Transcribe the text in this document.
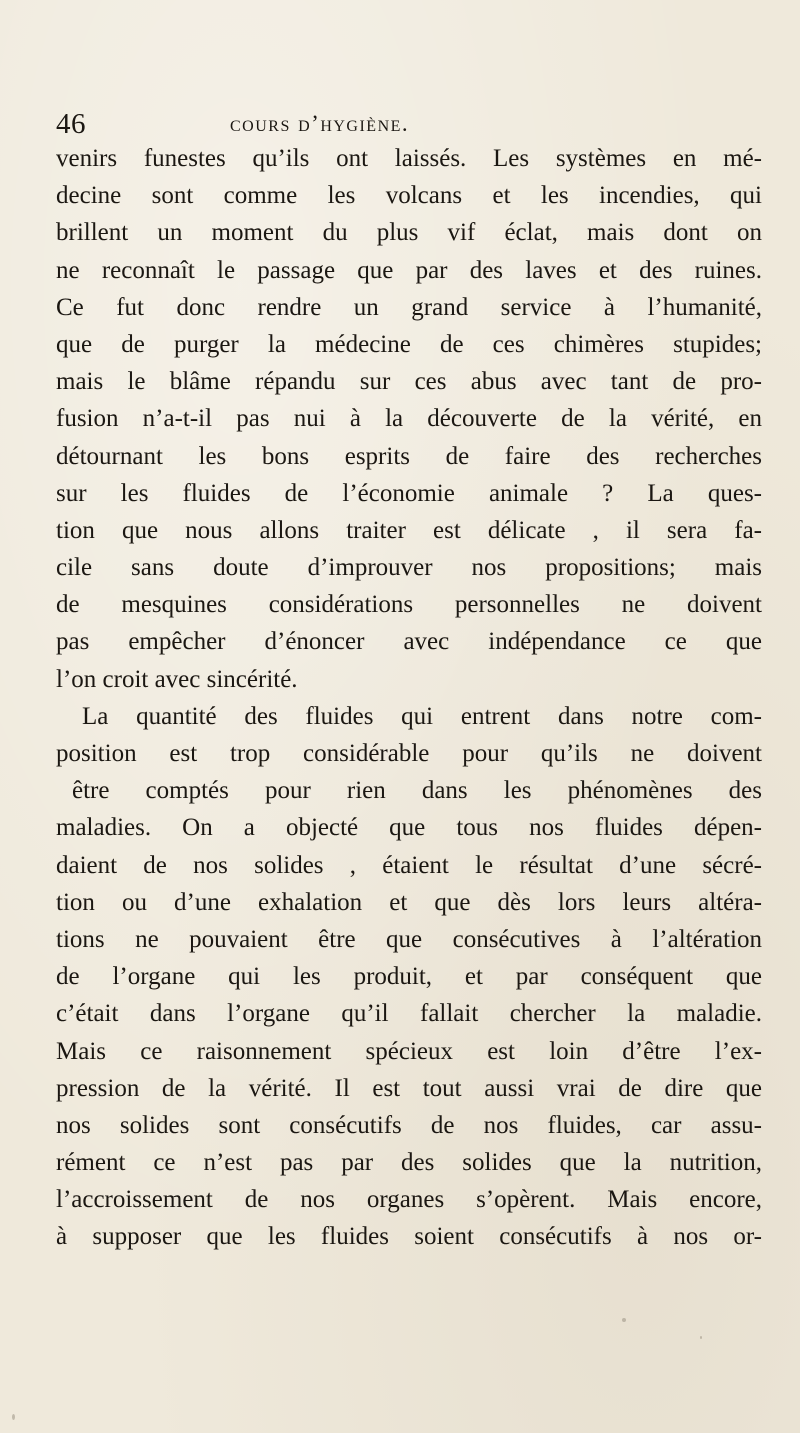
46	cours d’hygiène.
venirs funestes qu’ils ont laissés. Les systèmes en mé-
decine sont comme les volcans et les incendies, qui
brillent un moment du plus vif éclat, mais dont on
ne reconnaît le passage que par des laves et des ruines.
Ce fut donc rendre un grand service à l’humanité,
que de purger la médecine de ces chimères stupides;
mais le blâme répandu sur ces abus avec tant de pro-
fusion n’a-t-il pas nui à la découverte de la vérité, en
détournant les bons esprits de faire des recherches
sur les fluides de l’économie animale ? La ques-
tion que nous allons traiter est délicate , il sera fa-
cile sans doute d’improuver nos propositions; mais
de mesquines considérations personnelles ne doivent
pas empêcher d’énoncer avec indépendance ce que
l’on croit avec sincérité.
La quantité des fluides qui entrent dans notre com-
position est trop considérable pour qu’ils ne doivent
être comptés pour rien dans les phénomènes des
maladies. On a objecté que tous nos fluides dépen-
daient de nos solides , étaient le résultat d’une sécré-
tion ou d’une exhalation et que dès lors leurs altéra-
tions ne pouvaient être que consécutives à l’altération
de l’organe qui les produit, et par conséquent que
c’était dans l’organe qu’il fallait chercher la maladie.
Mais ce raisonnement spécieux est loin d’être l’ex-
pression de la vérité. Il est tout aussi vrai de dire que
nos solides sont consécutifs de nos fluides, car assu-
rément ce n’est pas par des solides que la nutrition,
l’accroissement de nos organes s’opèrent. Mais encore,
à supposer que les fluides soient consécutifs à nos or-
